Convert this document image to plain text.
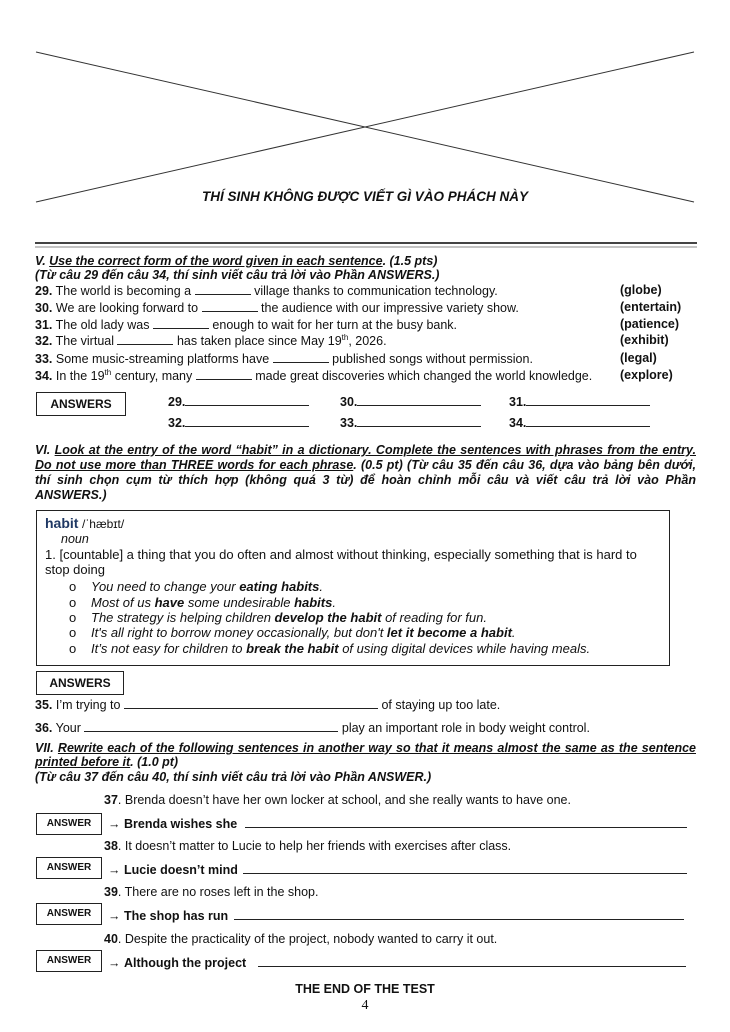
THÍ SINH KHÔNG ĐƯỢC VIẾT GÌ VÀO PHÁCH NÀY
V. Use the correct form of the word given in each sentence. (1.5 pts)
(Từ câu 29 đến câu 34, thí sinh viết câu trả lời vào Phần ANSWERS.)
29. The world is becoming a	village thanks to communication technology.	(globe)
30. We are looking forward to	the audience with our impressive variety show.	(entertain)
31. The old lady was	enough to wait for her turn at the busy bank.	(patience)
32. The virtual	has taken place since May 19th, 2026.	(exhibit)
33. Some music-streaming platforms have	published songs without permission.	(legal)
34. In the 19th century, many	made great discoveries which changed the world knowledge.	(explore)
ANSWERS	29.	30.	31.
32.	33.	34.
VI. Look at the entry of the word “habit” in a dictionary. Complete the sentences with phrases from the entry. Do not use more than THREE words for each phrase. (0.5 pt) (Từ câu 35 đến câu 36, dựa vào bảng bên dưới, thí sinh chọn cụm từ thích hợp (không quá 3 từ) để hoàn chỉnh mỗi câu và viết câu trả lời vào Phần ANSWERS.)
habit /ˈhæbɪt/
noun
1. [countable] a thing that you do often and almost without thinking, especially something that is hard to stop doing
o You need to change your eating habits.
o Most of us have some undesirable habits.
o The strategy is helping children develop the habit of reading for fun.
o It's all right to borrow money occasionally, but don't let it become a habit.
o It’s not easy for children to break the habit of using digital devices while having meals.
ANSWERS
35. I’m trying to	of staying up too late.
36. Your	play an important role in body weight control.
VII. Rewrite each of the following sentences in another way so that it means almost the same as the sentence printed before it. (1.0 pt)
(Từ câu 37 đến câu 40, thí sinh viết câu trả lời vào Phần ANSWER.)
37. Brenda doesn’t have her own locker at school, and she really wants to have one.
ANSWER	→ Brenda wishes she
38. It doesn’t matter to Lucie to help her friends with exercises after class.
ANSWER	→ Lucie doesn’t mind
39. There are no roses left in the shop.
ANSWER	→ The shop has run
40. Despite the practicality of the project, nobody wanted to carry it out.
ANSWER	→ Although the project
THE END OF THE TEST
4
